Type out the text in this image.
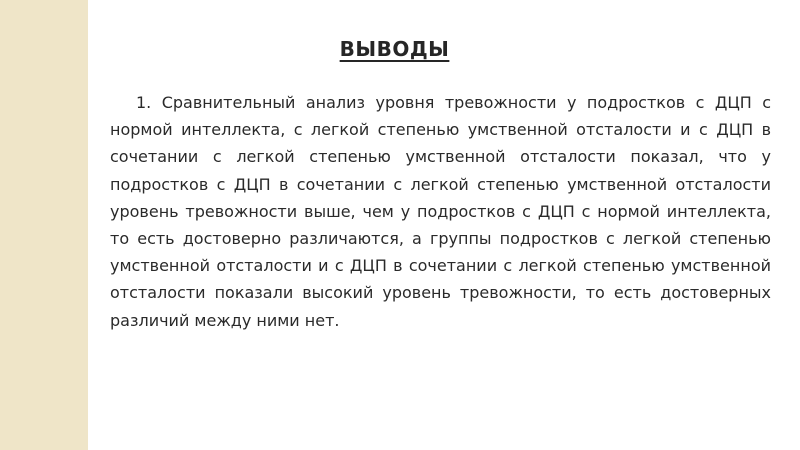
ВЫВОДЫ

1. Сравнительный анализ уровня тревожности у подростков с ДЦП с нормой интеллекта, с легкой степенью умственной отсталости и с ДЦП в сочетании с легкой степенью умственной отсталости показал, что у подростков с ДЦП в сочетании с легкой степенью умственной отсталости уровень тревожности выше, чем у подростков с ДЦП с нормой интеллекта, то есть достоверно различаются, а группы подростков с легкой степенью умственной отсталости и с ДЦП в сочетании с легкой степенью умственной отсталости показали высокий уровень тревожности, то есть достоверных различий между ними нет.
